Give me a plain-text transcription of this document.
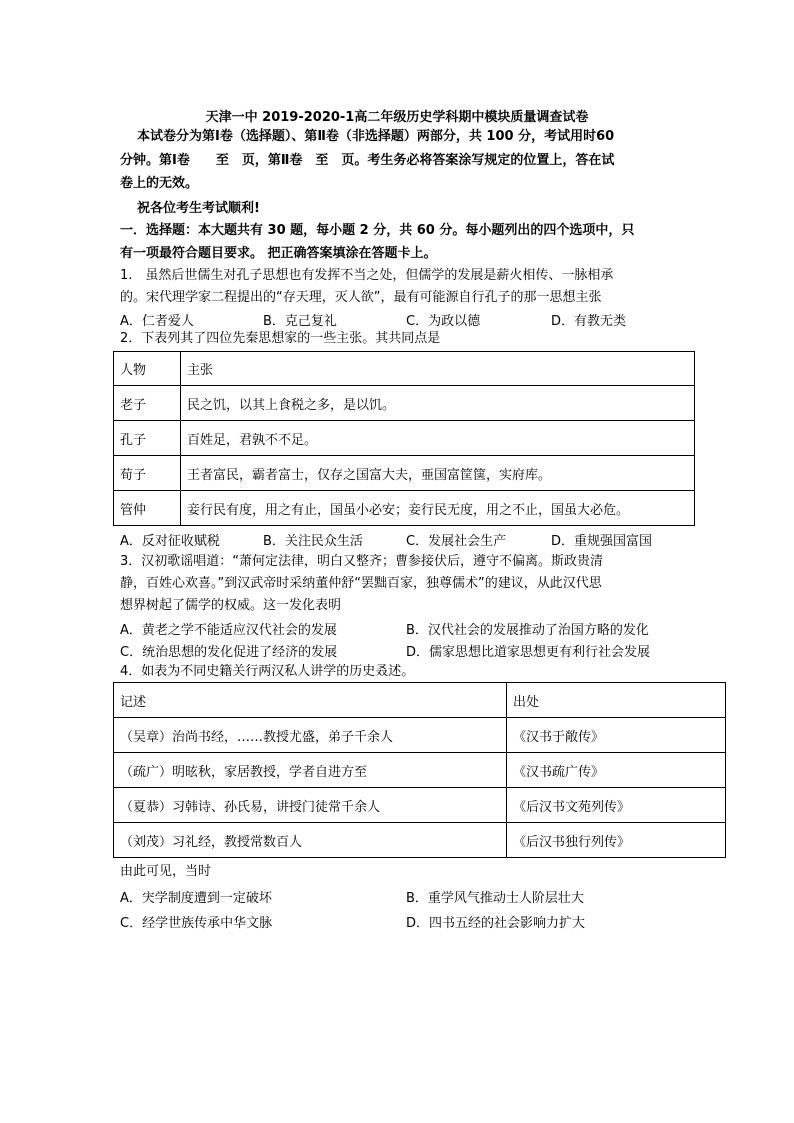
天津一中 2019-2020-1高二年级历史学科期中模块质量调查试卷
本试卷分为第Ⅰ卷（选择题）、第Ⅱ卷（非选择题）两部分，共 100 分，考试用时60
分钟。第Ⅰ卷　　至　页，第Ⅱ卷　至　页。考生务必将答案涂写规定的位置上，答在试
卷上的无效。
祝各位考生考试顺利!
一．选择题：本大题共有 30 题，每小题 2 分，共 60 分。每小题列出的四个选项中，只
有一项最符合题目要求。 把正确答案填涂在答题卡上。
1.　虽然后世儒生对孔子思想也有发挥不当之处，但儒学的发展是薪火相传、一脉相承
的。宋代理学家二程提出的“存天理，灭人欲”，最有可能源自行孔子的那一思想主张
A．仁者爱人	B．克己复礼	C．为政以德	D．有教无类
2．下表列其了四位先秦思想家的一些主张。其共同点是
人物	主张
老子	民之饥，以其上食税之多，是以饥。
孔子	百姓足，君孰不不足。
荀子	王者富民，霸者富士，仅存之国富大夫，亜国富筐箧，实府库。
管仲	妾行民有度，用之有止，国虽小必安；妾行民无度，用之不止，国虽大必危。
A．反对征收赋税	B．关注民众生活	C．发展社会生产	D．重规强国富国
3．汉初歌谣唱道：“萧何定法律，明白又整齐；曹参接伏后，遵守不偏离。斯政贵清
静，百姓心欢喜。”到汉武帝时采纳董仲舒“罢黜百家，独尊儒术”的建议，从此汉代思
想界树起了儒学的权威。这一发化表明
A．黄老之学不能适应汉代社会的发展	B．汉代社会的发展推动了治国方略的发化
C．统治思想的发化促进了经济的发展	D．儒家思想比道家思想更有利行社会发展
4．如表为不同史籍关行两汉私人讲学的历史叒述。
记述	出处
（吴章）治尚书经，……教授尤盛，弟子千余人	《汉书于敞传》
（疏广）明昡秋，家居教授，学者自进方至	《汉书疏广传》
（夏恭）习韩诗、孙氏易，讲授门徒常千余人	《后汉书文苑列传》
（刘茂）习礼经，教授常数百人	《后汉书独行列传》
由此可见，当时
A．宊学制度遭到一定破坏	B．重学风气推动士人阶层壮大
C．经学世族传承中华文脉	D．四书五经的社会影响力扩大
